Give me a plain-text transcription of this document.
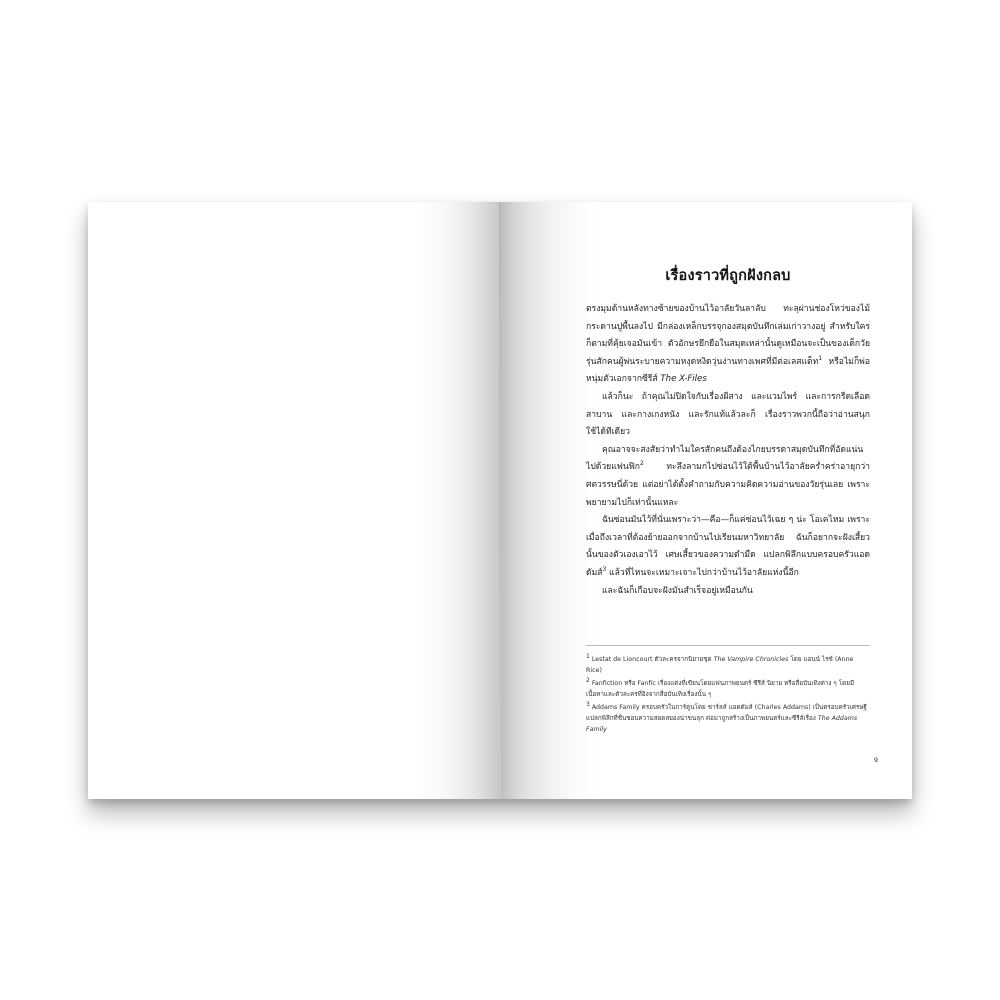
เรื่องราวที่ถูกฝังกลบ

ตรงมุมด้านหลังทางซ้ายของบ้านไว้อาลัยวันลาลับ ทะลุผ่านช่องโหว่ของไม้กระดานปูพื้นลงไป มีกล่องเหล็กบรรจุกองสมุดบันทึกเล่มเก่าวางอยู่ สำหรับใครก็ตามที่คุ้ยเจอมันเข้า ตัวอักษรยึกยือในสมุดเหล่านั้นดูเหมือนจะเป็นของเด็กวัยรุ่นสักคนผู้พ่นระบายความหงุดหงิดวุ่นง่านทางเพศที่มีต่อเลสแต็ท$^1$ หรือไม่ก็พ่อหนุ่มตัวเอกจากซีรีส์ The X-Files

แล้วก็นะ ถ้าคุณไม่ปิดใจกับเรื่องผีสาง และแวมไพร์ และการกรีดเลือดสาบาน และกางเกงหนัง และรักแท้แล้วละก็ เรื่องราวพวกนี้ถือว่าอ่านสนุกใช้ได้ทีเดียว

คุณอาจจะสงสัยว่าทำไมใครสักคนถึงต้องไกยบรรดาสมุดบันทึกที่อัดแน่นไปด้วยแฟนฟิก$^2$ ทะลึงลามกไปซ่อนไว้ใต้พื้นบ้านไว้อาลัยคร่ำคร่าอายุกว่าศตวรรษนี่ด้วย แต่อย่าได้ตั้งคำถามกับความคิดความอ่านของวัยรุ่นเลย เพราะพยายามไปก็เท่านั้นแหละ

ฉันซ่อนมันไว้ที่นั่นเพราะว่า—คือ—ก็แค่ซ่อนไว้เฉย ๆ น่ะ โอเคไหม เพราะเมื่อถึงเวลาที่ต้องย้ายออกจากบ้านไปเรียนมหาวิทยาลัย ฉันก็อยากจะฝังเสี้ยวนั้นของตัวเองเอาไว้ เศษเสี้ยวของความดำมืด แปลกพิลึกแบบครอบครัวแอดดัมส์$^3$ แล้วที่ไหนจะเหมาะเจาะไปกว่าบ้านไว้อาลัยแห่งนี้อีก

และฉันก็เกือบจะฝังมันสำเร็จอยู่เหมือนกัน

$^1$ Lestat de Lioncourt ตัวละครจากนิยายชุด The Vampire Chronicles โดย แอนน์ ไรซ์ (Anne Rice)
$^2$ Fanfiction หรือ Fanfic เรื่องแต่งที่เขียนโดยแฟนภาพยนตร์ ซีรีส์ นิยาย หรือสื่อบันเทิงต่าง ๆ โดยมีเนื้อหาและตัวละครที่อิงจากสื่อบันเทิงเรื่องนั้น ๆ
$^3$ Addams Family ครอบครัวในการ์ตูนโดย ชาร์ลส์ แอดดัมส์ (Charles Addams) เป็นครอบครัวเศรษฐีแปลกพิลึกที่ชื่นชอบความสยดสยองน่าขนลุก ต่อมาถูกสร้างเป็นภาพยนตร์และซีรีส์เรื่อง The Addams Family
9
